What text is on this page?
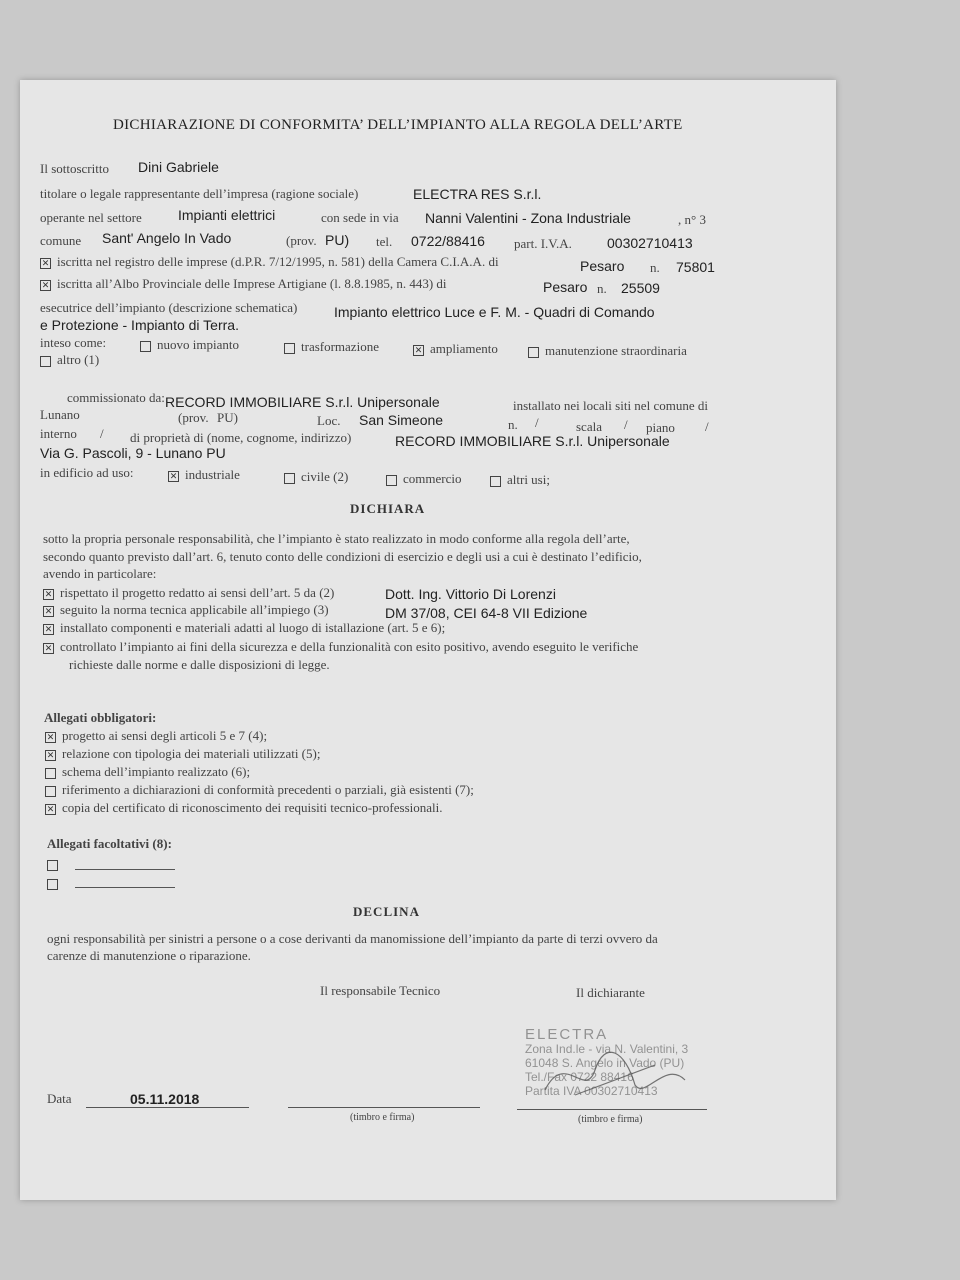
DICHIARAZIONE DI CONFORMITA’ DELL’IMPIANTO ALLA REGOLA DELL’ARTE
Il sottoscritto Dini Gabriele
titolare o legale rappresentante dell’impresa (ragione sociale)	ELECTRA RES S.r.l.
operante nel settore	Impianti elettrici	con sede in via Nanni Valentini - Zona Industriale	, n° 3
comune Sant' Angelo In Vado	(prov. PU) tel. 0722/88416 part. I.V.A.	00302710413
✕iscritta nel registro delle imprese (d.P.R. 7/12/1995, n. 581) della Camera C.I.A.A. di	Pesaro n. 75801
✕iscritta all’Albo Provinciale delle Imprese Artigiane (l. 8.8.1985, n. 443) di	Pesaro n. 25509
esecutrice dell’impianto (descrizione schematica)	Impianto elettrico Luce e F. M. - Quadri di Comando
e Protezione - Impianto di Terra.
inteso come:	nuovo impianto	trasformazione ✕	ampliamento	manutenzione straordinaria
altro (1)
commissionato da: RECORD IMMOBILIARE S.r.l. Unipersonale	installato nei locali siti nel comune di
Lunano	(prov. PU)	Loc. San Simeone	n. /	scala / piano /
interno / di proprietà di (nome, cognome, indirizzo)	RECORD IMMOBILIARE S.r.l. Unipersonale
Via G. Pascoli, 9 - Lunano PU
in edificio ad uso: ✕	industriale	civile (2)	commercio	altri usi;
DICHIARA
sotto la propria personale responsabilità, che l’impianto è stato realizzato in modo conforme alla regola dell’arte,
secondo quanto previsto dall’art. 6, tenuto conto delle condizioni di esercizio e degli usi a cui è destinato l’edificio,
avendo in particolare:
✕rispettato il progetto redatto ai sensi dell’art. 5 da (2)	Dott. Ing. Vittorio Di Lorenzi
✕seguito la norma tecnica applicabile all’impiego (3)	DM 37/08, CEI 64-8 VII Edizione
✕installato componenti e materiali adatti al luogo di istallazione (art. 5 e 6);
✕controllato l’impianto ai fini della sicurezza e della funzionalità con esito positivo, avendo eseguito le verifiche
richieste dalle norme e dalle disposizioni di legge.
Allegati obbligatori:
✕progetto ai sensi degli articoli 5 e 7 (4);
✕relazione con tipologia dei materiali utilizzati (5);
schema dell’impianto realizzato (6);
riferimento a dichiarazioni di conformità precedenti o parziali, già esistenti (7);
✕copia del certificato di riconoscimento dei requisiti tecnico-professionali.
Allegati facoltativi (8):
DECLINA
ogni responsabilità per sinistri a persone o a cose derivanti da manomissione dell’impianto da parte di terzi ovvero da
carenze di manutenzione o riparazione.
Il responsabile Tecnico	Il dichiarante
ELECTRA
Zona Ind.le - via N. Valentini, 3
61048 S. Angelo in Vado (PU)
Tel./Fax 0722 88416
Partita IVA 00302710413
Data	05.11.2018
(timbro e firma)	(timbro e firma)
